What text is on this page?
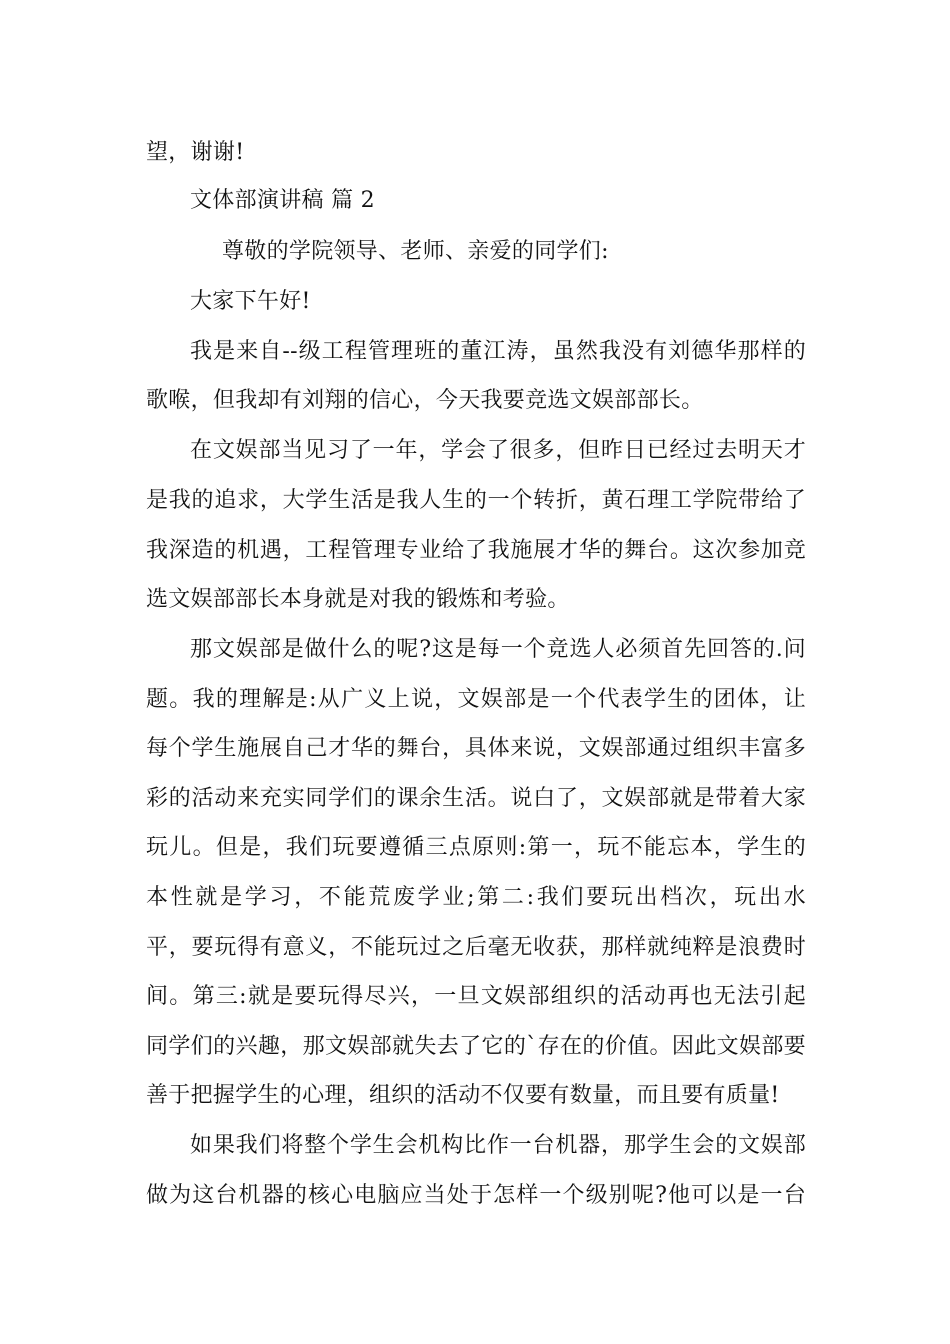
望，谢谢!
文体部演讲稿 篇 2
尊敬的学院领导、老师、亲爱的同学们:
大家下午好!
我是来自--级工程管理班的董江涛，虽然我没有刘德华那样的
歌喉，但我却有刘翔的信心，今天我要竞选文娱部部长。
在文娱部当见习了一年，学会了很多，但昨日已经过去明天才
是我的追求，大学生活是我人生的一个转折，黄石理工学院带给了
我深造的机遇，工程管理专业给了我施展才华的舞台。这次参加竞
选文娱部部长本身就是对我的锻炼和考验。
那文娱部是做什么的呢?这是每一个竞选人必须首先回答的.问
题。我的理解是:从广义上说，文娱部是一个代表学生的团体，让
每个学生施展自己才华的舞台，具体来说，文娱部通过组织丰富多
彩的活动来充实同学们的课余生活。说白了，文娱部就是带着大家
玩儿。但是，我们玩要遵循三点原则:第一，玩不能忘本，学生的
本性就是学习，不能荒废学业;第二:我们要玩出档次，玩出水
平，要玩得有意义，不能玩过之后毫无收获，那样就纯粹是浪费时
间。第三:就是要玩得尽兴，一旦文娱部组织的活动再也无法引起
同学们的兴趣，那文娱部就失去了它的`存在的价值。因此文娱部要
善于把握学生的心理，组织的活动不仅要有数量，而且要有质量!
如果我们将整个学生会机构比作一台机器，那学生会的文娱部
做为这台机器的核心电脑应当处于怎样一个级别呢?他可以是一台
